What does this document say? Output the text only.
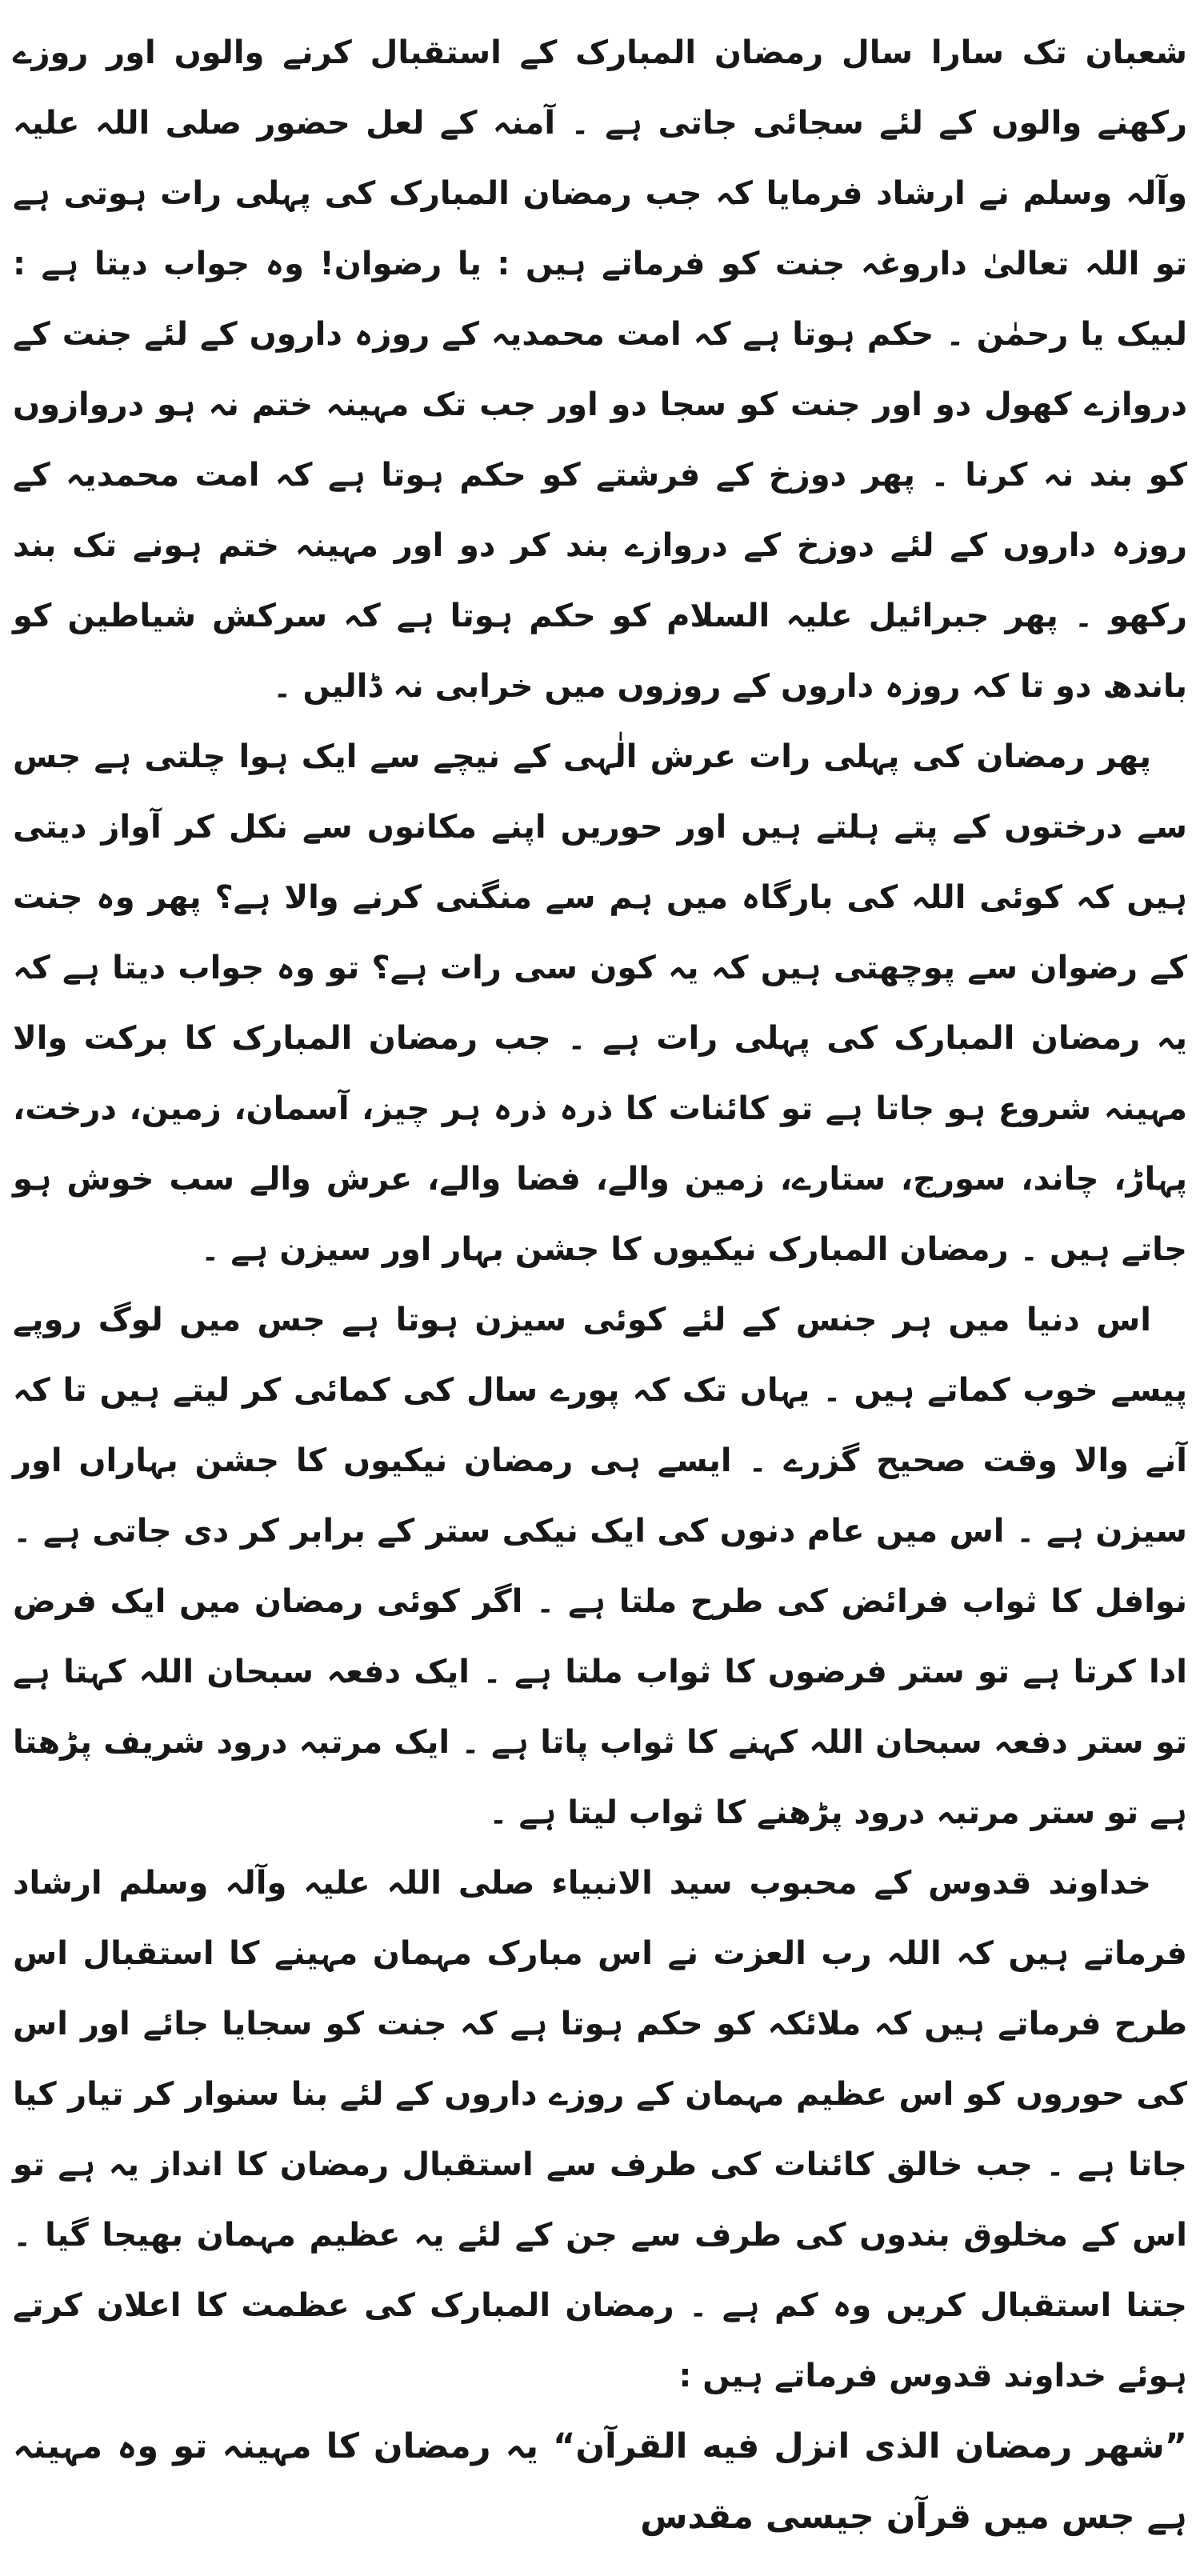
شعبان تک سارا سال رمضان المبارک کے استقبال کرنے والوں اور روزے رکھنے والوں کے لئے سجائی جاتی ہے ۔ آمنہ کے لعل حضور صلی اللہ علیہ وآلہ وسلم نے ارشاد فرمایا کہ جب رمضان المبارک کی پہلی رات ہوتی ہے تو اللہ تعالیٰ داروغہ جنت کو فرماتے ہیں : یا رضوان! وہ جواب دیتا ہے : لبیک یا رحمٰن ۔ حکم ہوتا ہے کہ امت محمدیہ کے روزہ داروں کے لئے جنت کے دروازے کھول دو اور جنت کو سجا دو اور جب تک مہینہ ختم نہ ہو دروازوں کو بند نہ کرنا ۔ پھر دوزخ کے فرشتے کو حکم ہوتا ہے کہ امت محمدیہ کے روزہ داروں کے لئے دوزخ کے دروازے بند کر دو اور مہینہ ختم ہونے تک بند رکھو ۔ پھر جبرائیل علیہ السلام کو حکم ہوتا ہے کہ سرکش شیاطین کو باندھ دو تا کہ روزہ داروں کے روزوں میں خرابی نہ ڈالیں ۔

پھر رمضان کی پہلی رات عرش الٰہی کے نیچے سے ایک ہوا چلتی ہے جس سے درختوں کے پتے ہلتے ہیں اور حوریں اپنے مکانوں سے نکل کر آواز دیتی ہیں کہ کوئی اللہ کی بارگاہ میں ہم سے منگنی کرنے والا ہے؟ پھر وہ جنت کے رضوان سے پوچھتی ہیں کہ یہ کون سی رات ہے؟ تو وہ جواب دیتا ہے کہ یہ رمضان المبارک کی پہلی رات ہے ۔ جب رمضان المبارک کا برکت والا مہینہ شروع ہو جاتا ہے تو کائنات کا ذرہ ذرہ ہر چیز، آسمان، زمین، درخت، پہاڑ، چاند، سورج، ستارے، زمین والے، فضا والے، عرش والے سب خوش ہو جاتے ہیں ۔ رمضان المبارک نیکیوں کا جشن بہار اور سیزن ہے ۔

اس دنیا میں ہر جنس کے لئے کوئی سیزن ہوتا ہے جس میں لوگ روپے پیسے خوب کماتے ہیں ۔ یہاں تک کہ پورے سال کی کمائی کر لیتے ہیں تا کہ آنے والا وقت صحیح گزرے ۔ ایسے ہی رمضان نیکیوں کا جشن بہاراں اور سیزن ہے ۔ اس میں عام دنوں کی ایک نیکی ستر کے برابر کر دی جاتی ہے ۔ نوافل کا ثواب فرائض کی طرح ملتا ہے ۔ اگر کوئی رمضان میں ایک فرض ادا کرتا ہے تو ستر فرضوں کا ثواب ملتا ہے ۔ ایک دفعہ سبحان اللہ کہتا ہے تو ستر دفعہ سبحان اللہ کہنے کا ثواب پاتا ہے ۔ ایک مرتبہ درود شریف پڑھتا ہے تو ستر مرتبہ درود پڑھنے کا ثواب لیتا ہے ۔

خداوند قدوس کے محبوب سید الانبیاء صلی اللہ علیہ وآلہ وسلم ارشاد فرماتے ہیں کہ اللہ رب العزت نے اس مبارک مہمان مہینے کا استقبال اس طرح فرماتے ہیں کہ ملائکہ کو حکم ہوتا ہے کہ جنت کو سجایا جائے اور اس کی حوروں کو اس عظیم مہمان کے روزے داروں کے لئے بنا سنوار کر تیار کیا جاتا ہے ۔ جب خالق کائنات کی طرف سے استقبال رمضان کا انداز یہ ہے تو اس کے مخلوق بندوں کی طرف سے جن کے لئے یہ عظیم مہمان بھیجا گیا ۔ جتنا استقبال کریں وہ کم ہے ۔ رمضان المبارک کی عظمت کا اعلان کرتے ہوئے خداوند قدوس فرماتے ہیں :

”شهر رمضان الذی انزل فیه القرآن“ یہ رمضان کا مہینہ تو وہ مہینہ ہے جس میں قرآن جیسی مقدس
